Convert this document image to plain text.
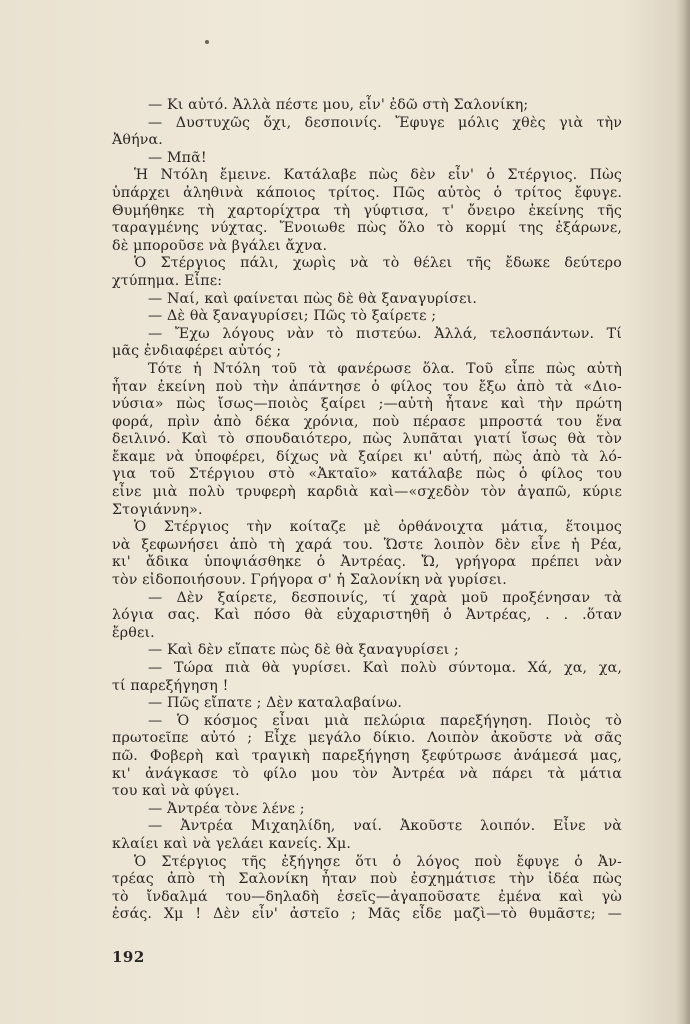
— Κι αὐτό. Ἀλλὰ πέστε μου, εἶν' ἐδῶ στὴ Σαλονίκη;
— Δυστυχῶς ὄχι, δεσποινίς. Ἔφυγε μόλις χθὲς γιὰ τὴν
Ἀθήνα.
— Μπᾶ!
Ἡ Ντόλη ἔμεινε. Κατάλαβε πὼς δὲν εἶν' ὁ Στέργιος. Πὼς
ὑπάρχει ἀληθινὰ κάποιος τρίτος. Πῶς αὐτὸς ὁ τρίτος ἔφυγε.
Θυμήθηκε τὴ χαρτορίχτρα τὴ γύφτισα, τ' ὄνειρο ἐκείνης τῆς
ταραγμένης νύχτας. Ἔνοιωθε πὼς ὅλο τὸ κορμί της ἐξάρωνε,
δὲ μποροῦσε νὰ βγάλει ἄχνα.
Ὁ Στέργιος πάλι, χωρὶς νὰ τὸ θέλει τῆς ἔδωκε δεύτερο
χτύπημα. Εἶπε:
— Ναί, καὶ φαίνεται πὼς δὲ θὰ ξαναγυρίσει.
— Δὲ θὰ ξαναγυρίσει; Πῶς τὸ ξαίρετε ;
— Ἔχω λόγους νὰν τὸ πιστεύω. Ἀλλά, τελοσπάντων. Τί
μᾶς ἐνδιαφέρει αὐτός ;
Τότε ἡ Ντόλη τοῦ τὰ φανέρωσε ὅλα. Τοῦ εἶπε πὼς αὐτὴ
ἦταν ἐκείνη ποὺ τὴν ἀπάντησε ὁ φίλος του ἔξω ἀπὸ τὰ «Διο-
νύσια» πὼς ἴσως—ποιὸς ξαίρει ;—αὐτὴ ἦτανε καὶ τὴν πρώτη
φορά, πρὶν ἀπὸ δέκα χρόνια, ποὺ πέρασε μπροστά του ἕνα
δειλινό. Καὶ τὸ σπουδαιότερο, πὼς λυπᾶται γιατί ἴσως θὰ τὸν
ἔκαμε νὰ ὑποφέρει, δίχως νὰ ξαίρει κι' αὐτή, πὼς ἀπὸ τὰ λό-
για τοῦ Στέργιου στὸ «Ἀκταῖο» κατάλαβε πὼς ὁ φίλος του
εἶνε μιὰ πολὺ τρυφερὴ καρδιὰ καὶ—«σχεδὸν τὸν ἀγαπῶ, κύριε
Στογιάννη».
Ὁ Στέργιος τὴν κοίταζε μὲ ὀρθάνοιχτα μάτια, ἕτοιμος
νὰ ξεφωνήσει ἀπὸ τὴ χαρά του. Ὥστε λοιπὸν δὲν εἶνε ἡ Ρέα,
κι' ἄδικα ὑποψιάσθηκε ὁ Ἀντρέας. Ὤ, γρήγορα πρέπει νὰν
τὸν εἰδοποιήσουν. Γρήγορα σ' ἡ Σαλονίκη νὰ γυρίσει.
— Δὲν ξαίρετε, δεσποινίς, τί χαρὰ μοῦ προξένησαν τὰ
λόγια σας. Καὶ πόσο θὰ εὐχαριστηθῆ ὁ Ἀντρέας, . . .ὅταν
ἔρθει.
— Καὶ δὲν εἴπατε πὼς δὲ θὰ ξαναγυρίσει ;
— Τώρα πιὰ θὰ γυρίσει. Καὶ πολὺ σύντομα. Χά, χα, χα,
τί παρεξήγηση !
— Πῶς εἴπατε ; Δὲν καταλαβαίνω.
— Ὁ κόσμος εἶναι μιὰ πελώρια παρεξήγηση. Ποιὸς τὸ
πρωτοεῖπε αὐτό ; Εἶχε μεγάλο δίκιο. Λοιπὸν ἀκοῦστε νὰ σᾶς
πῶ. Φοβερὴ καὶ τραγικὴ παρεξήγηση ξεφύτρωσε ἀνάμεσά μας,
κι' ἀνάγκασε τὸ φίλο μου τὸν Ἀντρέα νὰ πάρει τὰ μάτια
του καὶ νὰ φύγει.
— Ἀντρέα τὸνε λένε ;
— Ἀντρέα Μιχαηλίδη, ναί. Ἀκοῦστε λοιπόν. Εἶνε νὰ
κλαίει καὶ νὰ γελάει κανείς. Χμ.
Ὁ Στέργιος τῆς ἐξήγησε ὅτι ὁ λόγος ποὺ ἔφυγε ὁ Ἀν-
τρέας ἀπὸ τὴ Σαλονίκη ἦταν ποὺ ἐσχημάτισε τὴν ἰδέα πὼς
τὸ ἴνδαλμά του—δηλαδὴ ἐσεῖς—ἀγαποῦσατε ἐμένα καὶ γὼ
ἐσάς. Χμ ! Δὲν εἶν' ἀστεῖο ; Μᾶς εἶδε μαζὶ—τὸ θυμᾶστε; —
192
